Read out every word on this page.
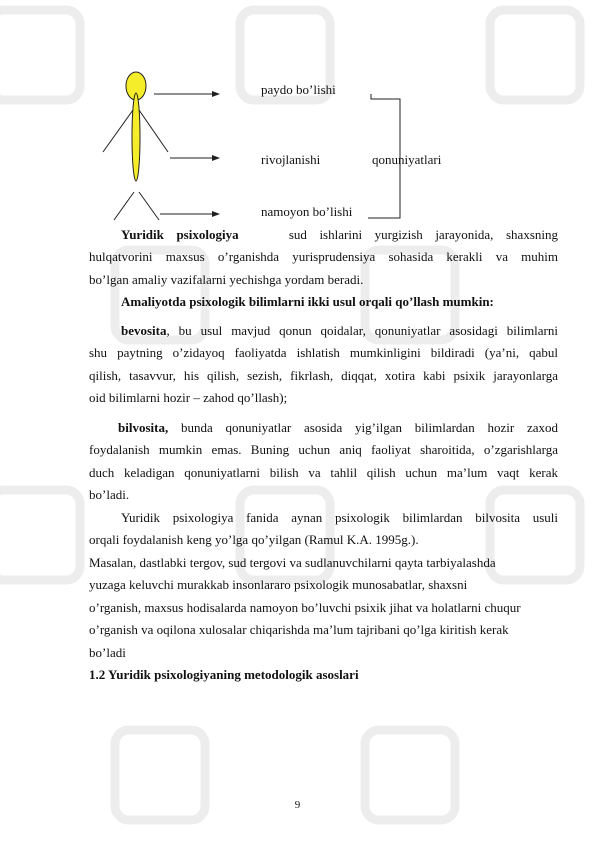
paydo bo’lishi
rivojlanishi	qonuniyatlari
namoyon bo’lishi
Yuridik psixologiya	sud ishlarini yurgizish jarayonida, shaxsning
hulqatvorini maxsus o’rganishda yurisprudensiya sohasida kerakli va muhim
bo’lgan amaliy vazifalarni yechishga yordam beradi.
Amaliyotda psixologik bilimlarni ikki usul orqali qo’llash mumkin:
bevosita, bu usul mavjud qonun qoidalar, qonuniyatlar asosidagi bilimlarni
shu paytning o’zidayoq faoliyatda ishlatish mumkinligini bildiradi (ya’ni, qabul
qilish, tasavvur, his qilish, sezish, fikrlash, diqqat, xotira kabi psixik jarayonlarga
oid bilimlarni hozir – zahod qo’llash);
bilvosita, bunda qonuniyatlar asosida yig’ilgan bilimlardan hozir zaxod
foydalanish mumkin emas. Buning uchun aniq faoliyat sharoitida, o’zgarishlarga
duch keladigan qonuniyatlarni bilish va tahlil qilish uchun ma’lum vaqt kerak
bo’ladi.
Yuridik psixologiya fanida aynan psixologik bilimlardan bilvosita usuli
orqali foydalanish keng yo’lga qo’yilgan (Ramul K.A. 1995g.).
Masalan, dastlabki tergov, sud tergovi va sudlanuvchilarni qayta tarbiyalashda
yuzaga keluvchi murakkab insonlararo psixologik munosabatlar, shaxsni
o’rganish, maxsus hodisalarda namoyon bo’luvchi psixik jihat va holatlarni chuqur
o’rganish va oqilona xulosalar chiqarishda ma’lum tajribani qo’lga kiritish kerak
bo’ladi
1.2 Yuridik psixologiyaning metodologik asoslari
9
